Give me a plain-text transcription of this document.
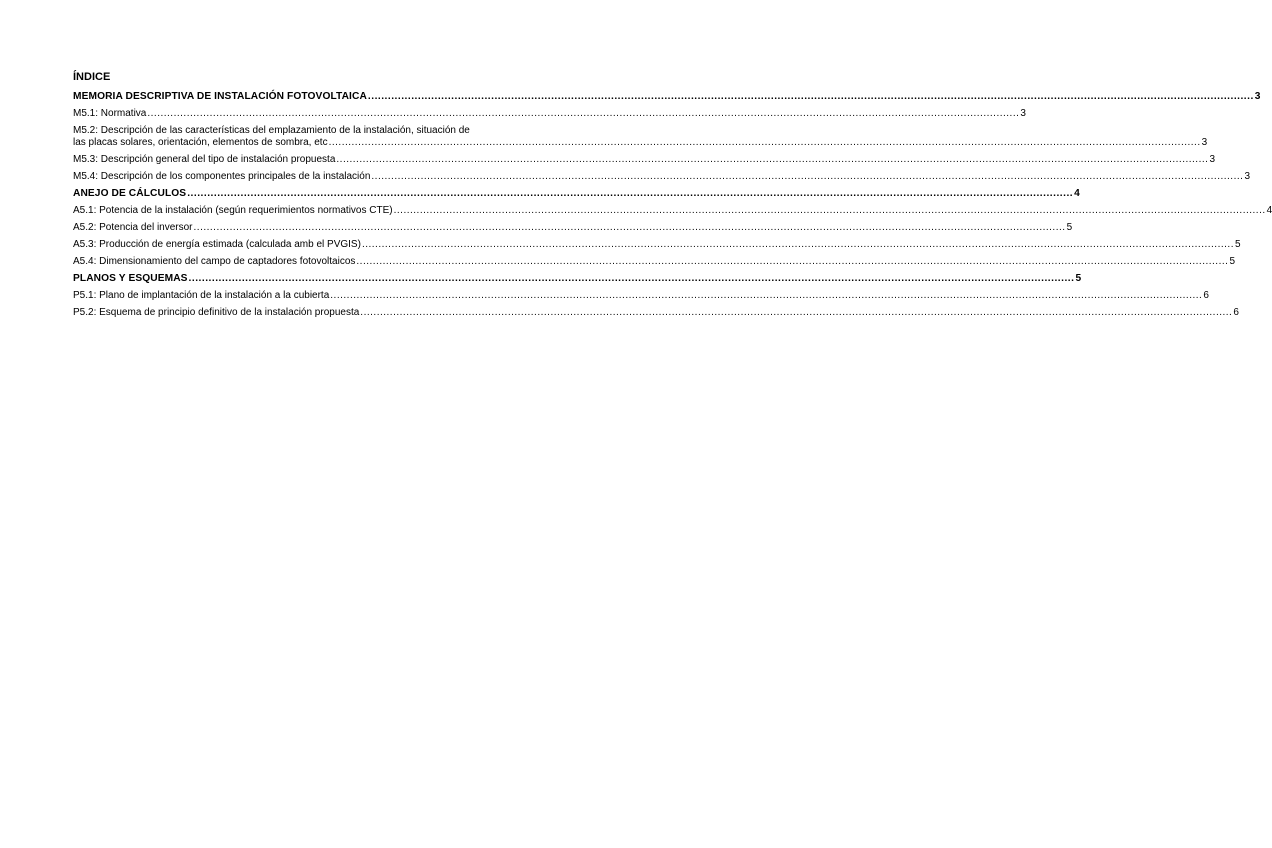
ÍNDICE
MEMORIA DESCRIPTIVA DE INSTALACIÓN FOTOVOLTAICA .....	3
M5.1: Normativa .....	3
M5.2: Descripción de las características del emplazamiento de la instalación, situación de
las placas solares, orientación, elementos de sombra, etc .....	3
M5.3: Descripción general del tipo de instalación propuesta .....	3
M5.4: Descripción de los componentes principales de la instalación .....	3
ANEJO DE CÁLCULOS .....	4
A5.1: Potencia de la instalación (según requerimientos normativos CTE) .....	4
A5.2: Potencia del inversor .....	5
A5.3: Producción de energía estimada (calculada amb el PVGIS) .....	5
A5.4: Dimensionamiento del campo de captadores fotovoltaicos .....	5
PLANOS Y ESQUEMAS .....	5
P5.1: Plano de implantación de la instalación a la cubierta .....	6
P5.2: Esquema de principio definitivo de la instalación propuesta .....	6
